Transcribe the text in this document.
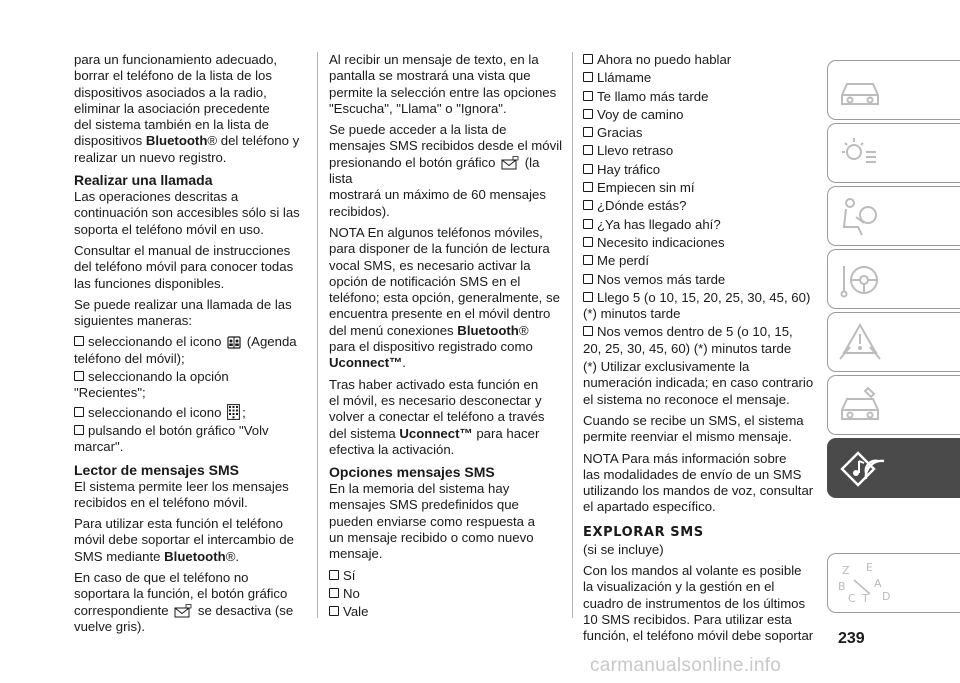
para un funcionamiento adecuado,
borrar el teléfono de la lista de los
dispositivos asociados a la radio,
eliminar la asociación precedente
del sistema también en la lista de
dispositivos Bluetooth® del teléfono y
realizar un nuevo registro.

Realizar una llamada

Las operaciones descritas a
continuación son accesibles sólo si las
soporta el teléfono móvil en uso.

Consultar el manual de instrucciones
del teléfono móvil para conocer todas
las funciones disponibles.

Se puede realizar una llamada de las
siguientes maneras:

seleccionando el icono (Agenda
teléfono del móvil);
seleccionando la opción "Recientes";
seleccionando el icono ;
pulsando el botón gráfico "Volv
marcar".
Lector de mensajes SMS

El sistema permite leer los mensajes
recibidos en el teléfono móvil.

Para utilizar esta función el teléfono
móvil debe soportar el intercambio de
SMS mediante Bluetooth®.

En caso de que el teléfono no
soportara la función, el botón gráfico
correspondiente se desactiva (se
vuelve gris).

Al recibir un mensaje de texto, en la
pantalla se mostrará una vista que
permite la selección entre las opciones
"Escucha", "Llama" o "Ignora".

Se puede acceder a la lista de
mensajes SMS recibidos desde el móvil
presionando el botón gráfico (la lista
mostrará un máximo de 60 mensajes
recibidos).

NOTA En algunos teléfonos móviles,
para disponer de la función de lectura
vocal SMS, es necesario activar la
opción de notificación SMS en el
teléfono; esta opción, generalmente, se
encuentra presente en el móvil dentro
del menú conexiones Bluetooth®
para el dispositivo registrado como
Uconnect™.

Tras haber activado esta función en
el móvil, es necesario desconectar y
volver a conectar el teléfono a través
del sistema Uconnect™ para hacer
efectiva la activación.

Opciones mensajes SMS

En la memoria del sistema hay
mensajes SMS predefinidos que
pueden enviarse como respuesta a
un mensaje recibido o como nuevo
mensaje.

Sí
No
Vale
Ahora no puedo hablar
Llámame
Te llamo más tarde
Voy de camino
Gracias
Llevo retraso
Hay tráfico
Empiecen sin mí
¿Dónde estás?
¿Ya has llegado ahí?
Necesito indicaciones
Me perdí
Nos vemos más tarde
Llego 5 (o 10, 15, 20, 25, 30, 45, 60)
(*) minutos tarde
Nos vemos dentro de 5 (o 10, 15,
20, 25, 30, 45, 60) (*) minutos tarde

(*) Utilizar exclusivamente la
numeración indicada; en caso contrario
el sistema no reconoce el mensaje.

Cuando se recibe un SMS, el sistema
permite reenviar el mismo mensaje.

NOTA Para más información sobre
las modalidades de envío de un SMS
utilizando los mandos de voz, consultar
el apartado específico.

EXPLORAR SMS

(si se incluye)

Con los mandos al volante es posible
la visualización y la gestión en el
cuadro de instrumentos de los últimos
10 SMS recibidos. Para utilizar esta
función, el teléfono móvil debe soportar

Z E
B	A
C T D
239
carmanualsonline.info
